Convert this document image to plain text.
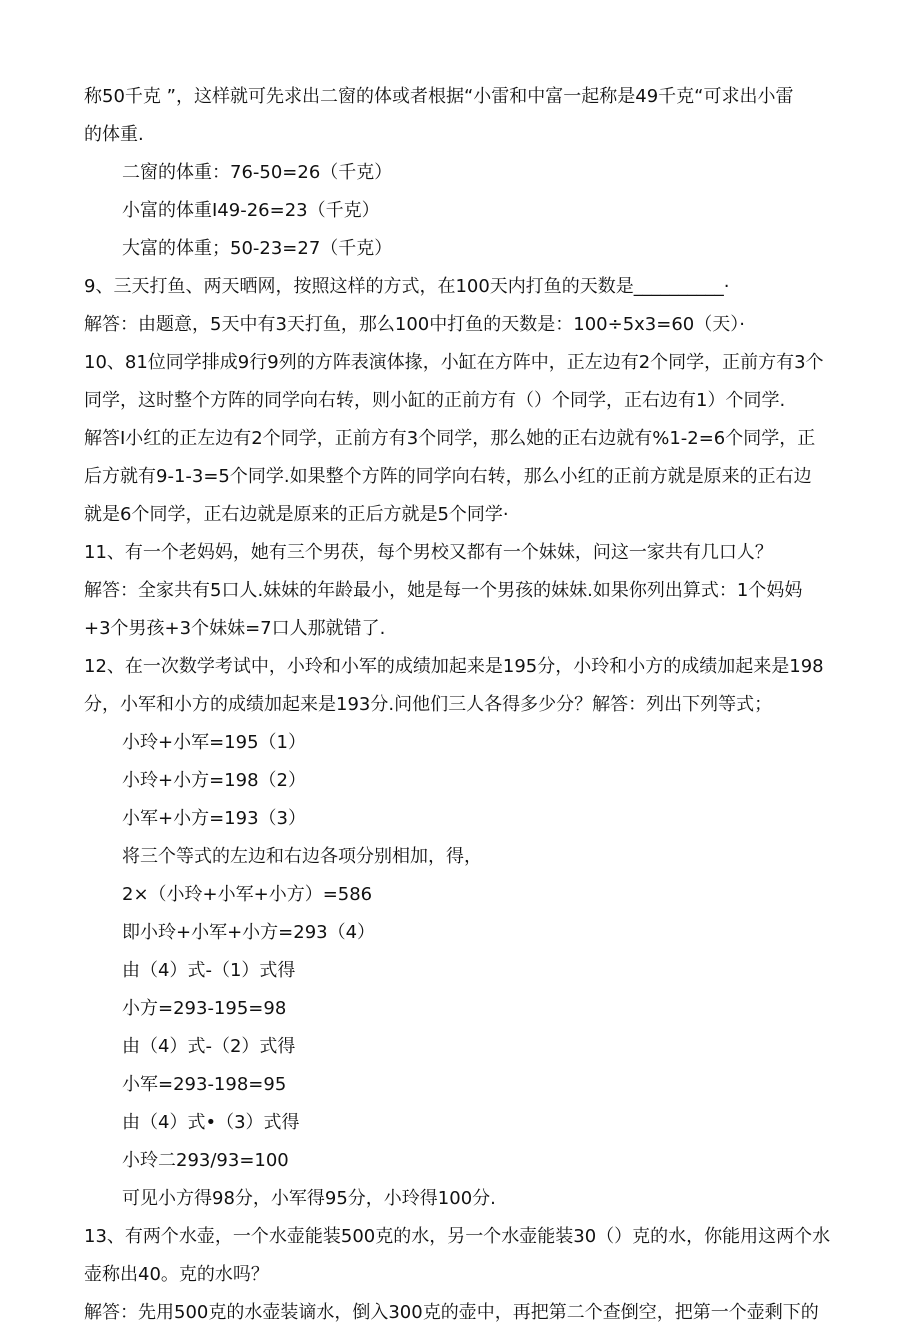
称50千克 ”，这样就可先求出二窗的体或者根据“小雷和中富一起称是49千克“可求出小雷
的体重.
二窗的体重：76-50=26（千克）
小富的体重I49-26=23（千克）
大富的体重；50-23=27（千克）
9、三天打鱼、两天晒网，按照这样的方式，在100天内打鱼的天数是__________·
解答：由题意，5天中有3天打鱼，那么100中打鱼的天数是：100÷5x3=60（天）·
10、81位同学排成9行9列的方阵表演体掾，小缸在方阵中，正左边有2个同学，正前方有3个
同学，这时整个方阵的同学向右转，则小缸的正前方有（）个同学，正右边有1）个同学.
解答I小红的正左边有2个同学，正前方有3个同学，那么她的正右边就有%1-2=6个同学，正
后方就有9-1-3=5个同学.如果整个方阵的同学向右转，那么小红的正前方就是原来的正右边
就是6个同学，正右边就是原来的正后方就是5个同学·
11、有一个老妈妈，她有三个男茯，每个男校又都有一个妹妹，问这一家共有几口人？
解答：全家共有5口人.妹妹的年龄最小，她是每一个男孩的妹妹.如果你列出算式：1个妈妈
+3个男孩+3个妹妹=7口人那就错了.
12、在一次数学考试中，小玲和小军的成绩加起来是195分，小玲和小方的成绩加起来是198
分，小军和小方的成绩加起来是193分.问他们三人各得多少分？解答：列出下列等式；
小玲+小军=195（1）
小玲+小方=198（2）
小军+小方=193（3）
将三个等式的左边和右边各项分别相加，得，
2×（小玲+小军+小方）=586
即小玲+小军+小方=293（4）
由（4）式-（1）式得
小方=293-195=98
由（4）式-（2）式得
小军=293-198=95
由（4）式•（3）式得
小玲二293/93=100
可见小方得98分，小军得95分，小玲得100分.
13、有两个水壶，一个水壶能装500克的水，另一个水壶能装30（）克的水，你能用这两个水
壶称出40。克的水吗？
解答：先用500克的水壶装谪水，倒入300克的壶中，再把第二个查倒空，把第一个壶剩下的
